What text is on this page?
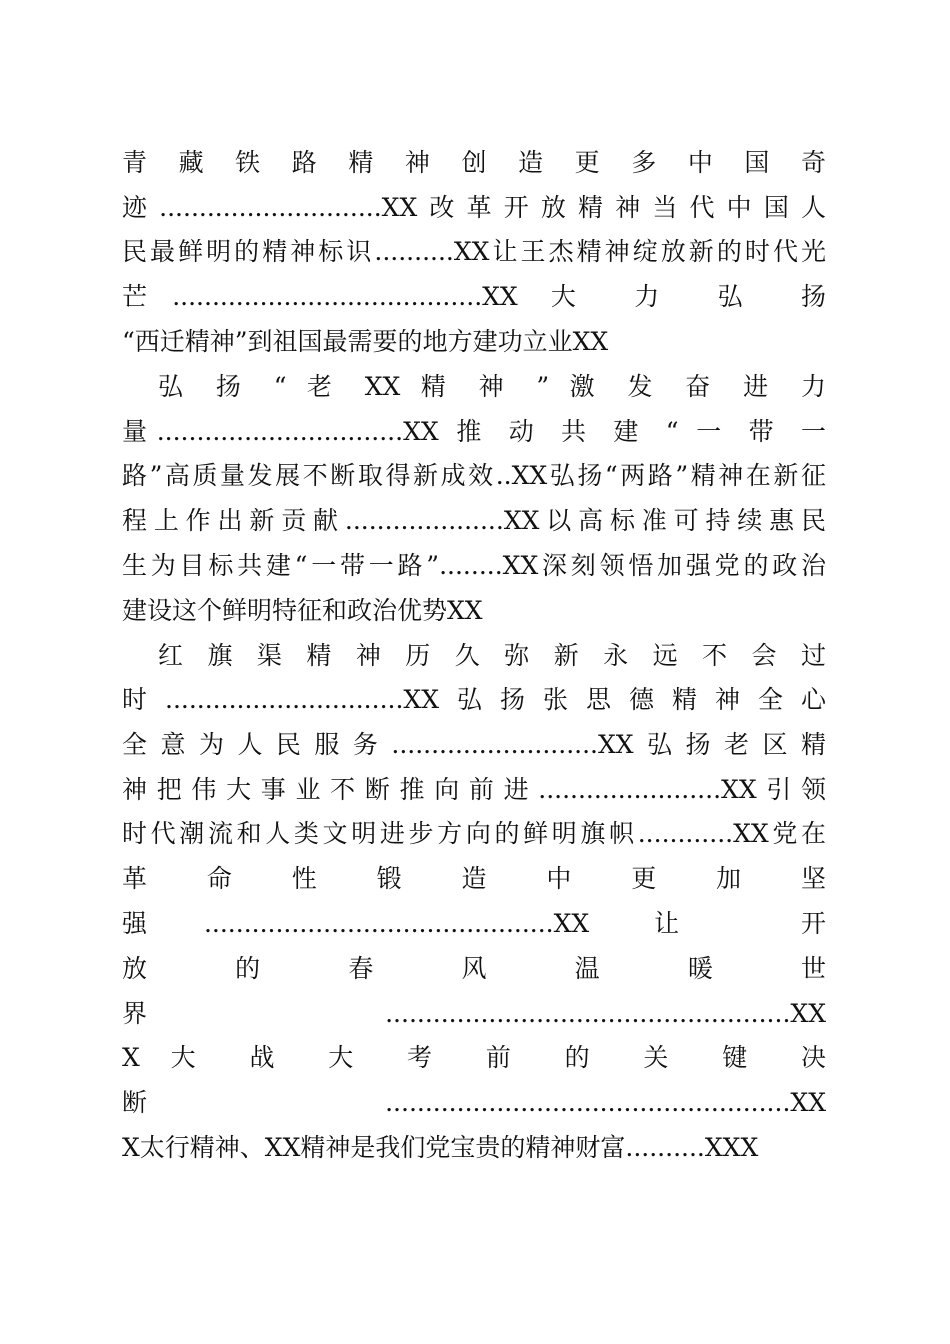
青 藏 铁 路 精 神 创 造 更 多 中 国 奇
迹............................XX改革开放精神当代中国人
民最鲜明的精神标识..........XX让王杰精神绽放新的时代光
芒.......................................XX 大 力 弘 扬
“西迁精神”到祖国最需要的地方建功立业XX
弘 扬 “ 老 XX 精 神 ” 激 发 奋 进 力
量...............................XX 推 动 共 建 “ 一 带 一
路”高质量发展不断取得新成效..XX弘扬“两路”精神在新征
程上作出新贡献....................XX以高标准可持续惠民
生为目标共建“一带一路”........XX深刻领悟加强党的政治
建设这个鲜明特征和政治优势XX
红 旗 渠 精 神 历 久 弥 新 永 远 不 会 过
时..............................XX弘扬张思德精神全心
全意为人民服务..........................XX弘扬老区精
神把伟大事业不断推向前进.......................XX引领
时代潮流和人类文明进步方向的鲜明旗帜............XX党在
革 命 性 锻 造 中 更 加 坚
强............................................XX 让 开
放 的 春 风 温 暖 世
界...................................................XX
X 大 战 大 考 前 的 关 键 决
断...................................................XX
X太行精神、XX精神是我们党宝贵的精神财富..........XXX
